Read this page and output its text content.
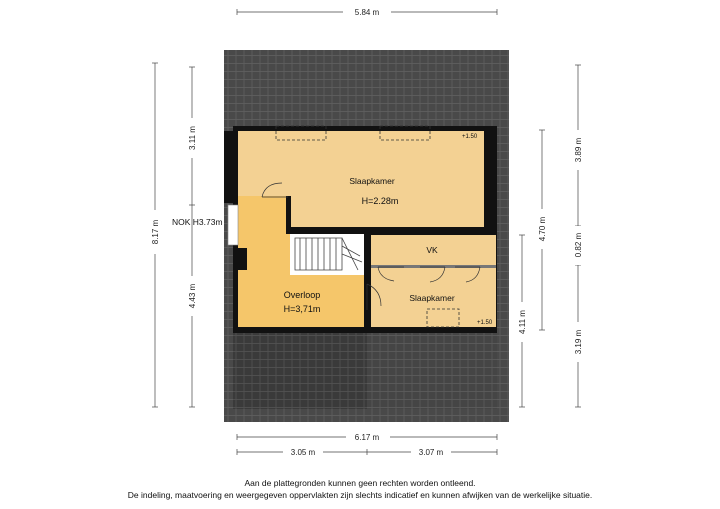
Slaapkamer
H=2.28m
Overloop
H=3,71m
VK
Slaapkamer
+1.50
+1.50
NOK H3.73m
5.84 m
6.17 m
3.05 m	3.07 m
8.17 m
3.11 m
4.43 m
3.89 m
0.82 m
3.19 m
4.70 m
4.11 m
Aan de plattegronden kunnen geen rechten worden ontleend.
De indeling, maatvoering en weergegeven oppervlakten zijn slechts indicatief en kunnen afwijken van de werkelijke situatie.
